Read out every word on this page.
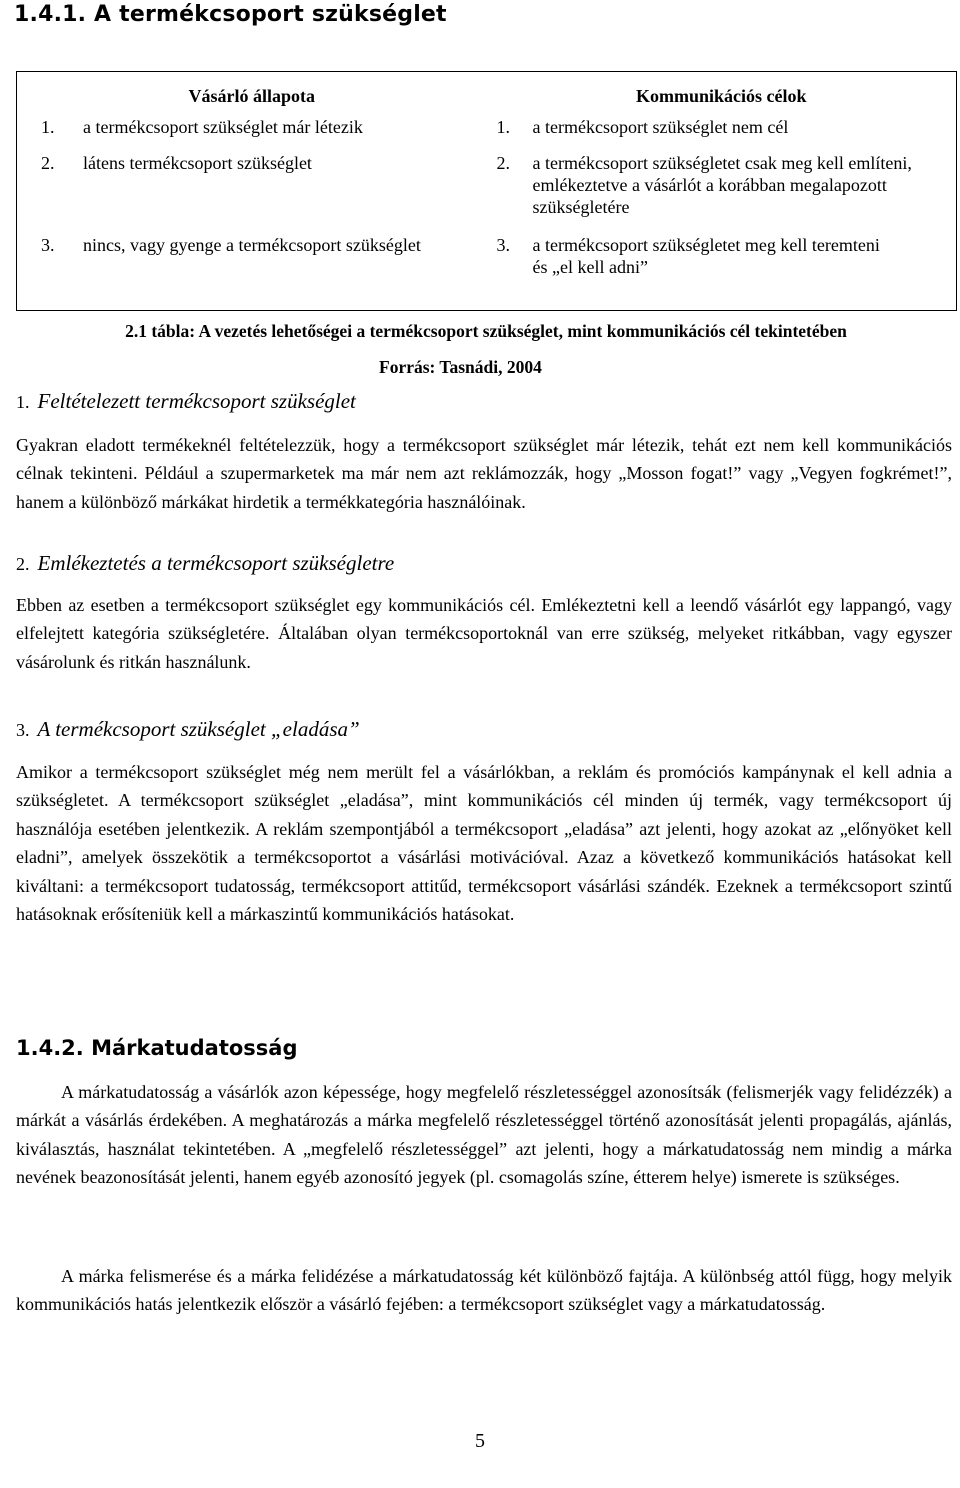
1.4.1. A termékcsoport szükséglet
Vásárló állapota	Kommunikációs célok

1.	a termékcsoport szükséglet már létezik	1.	a termékcsoport szükséglet nem cél

2.	látens termékcsoport szükséglet	2.	a termékcsoport szükségletet csak meg kell említeni, emlékeztetve a vásárlót a korábban megalapozott szükségletére

3.	nincs, vagy gyenge a termékcsoport szükséglet	3.	a termékcsoport szükségletet meg kell teremteni és „el kell adni”
2.1 tábla: A vezetés lehetőségei a termékcsoport szükséglet, mint kommunikációs cél tekintetében
Forrás: Tasnádi, 2004
1. Feltételezett termékcsoport szükséglet
Gyakran eladott termékeknél feltételezzük, hogy a termékcsoport szükséglet már létezik, tehát ezt nem kell kommunikációs célnak tekinteni. Például a szupermarketek ma már nem azt reklámozzák, hogy „Mosson fogat!” vagy „Vegyen fogkrémet!”, hanem a különböző márkákat hirdetik a termékkategória használóinak.
2. Emlékeztetés a termékcsoport szükségletre
Ebben az esetben a termékcsoport szükséglet egy kommunikációs cél. Emlékeztetni kell a leendő vásárlót egy lappangó, vagy elfelejtett kategória szükségletére. Általában olyan termékcsoportoknál van erre szükség, melyeket ritkábban, vagy egyszer vásárolunk és ritkán használunk.
3. A termékcsoport szükséglet „eladása”
Amikor a termékcsoport szükséglet még nem merült fel a vásárlókban, a reklám és promóciós kampánynak el kell adnia a szükségletet. A termékcsoport szükséglet „eladása”, mint kommunikációs cél minden új termék, vagy termékcsoport új használója esetében jelentkezik. A reklám szempontjából a termékcsoport „eladása” azt jelenti, hogy azokat az „előnyöket kell eladni”, amelyek összekötik a termékcsoportot a vásárlási motivációval. Azaz a következő kommunikációs hatásokat kell kiváltani: a termékcsoport tudatosság, termékcsoport attitűd, termékcsoport vásárlási szándék. Ezeknek a termékcsoport szintű hatásoknak erősíteniük kell a márkaszintű kommunikációs hatásokat.
1.4.2. Márkatudatosság
A márkatudatosság a vásárlók azon képessége, hogy megfelelő részletességgel azonosítsák (felismerjék vagy felidézzék) a márkát a vásárlás érdekében. A meghatározás a márka megfelelő részletességgel történő azonosítását jelenti propagálás, ajánlás, kiválasztás, használat tekintetében. A „megfelelő részletességgel” azt jelenti, hogy a márkatudatosság nem mindig a márka nevének beazonosítását jelenti, hanem egyéb azonosító jegyek (pl. csomagolás színe, étterem helye) ismerete is szükséges.
A márka felismerése és a márka felidézése a márkatudatosság két különböző fajtája. A különbség attól függ, hogy melyik kommunikációs hatás jelentkezik először a vásárló fejében: a termékcsoport szükséglet vagy a márkatudatosság.
5
